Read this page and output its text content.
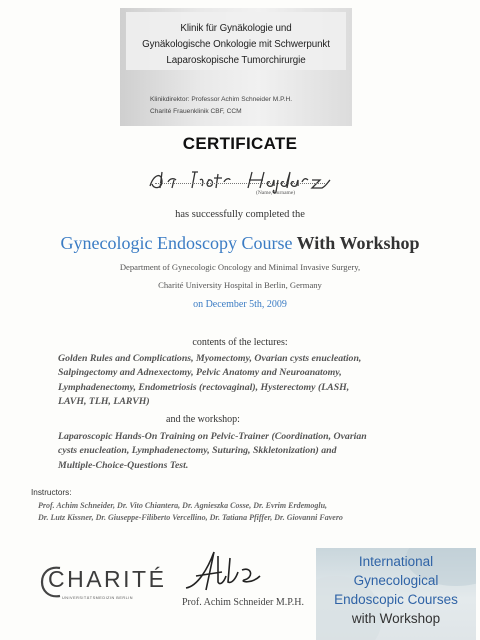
Klinik für Gynäkologie und
Gynäkologische Onkologie mit Schwerpunkt
Laparoskopische Tumorchirurgie
Klinikdirektor: Professor Achim Schneider M.P.H.
Charité Frauenklinik CBF, CCM
CERTIFICATE
(Name, Surname)
has successfully completed the
Gynecologic Endoscopy Course With Workshop
Department of Gynecologic Oncology and Minimal Invasive Surgery,
Charité University Hospital in Berlin, Germany
on December 5th, 2009
contents of the lectures:
Golden Rules and Complications, Myomectomy, Ovarian cysts enucleation,
Salpingectomy and Adnexectomy, Pelvic Anatomy and Neuroanatomy,
Lymphadenectomy, Endometriosis (rectovaginal), Hysterectomy (LASH,
LAVH, TLH, LARVH)
and the workshop:
Laparoscopic Hands-On Training on Pelvic-Trainer (Coordination, Ovarian
cysts enucleation, Lymphadenectomy, Suturing, Skkletonization) and
Multiple-Choice-Questions Test.
Instructors:
Prof. Achim Schneider, Dr. Vito Chiantera, Dr. Agnieszka Cosse, Dr. Evrim Erdemoglu,
Dr. Lutz Kissner, Dr. Giuseppe-Filiberto Vercellino, Dr. Tatiana Pfiffer, Dr. Giovanni Favero
CHARITÉ
UNIVERSITÄTSMEDIZIN BERLIN	Prof. Achim Schneider M.P.H.
International
Gynecological
Endoscopic Courses
with Workshop
